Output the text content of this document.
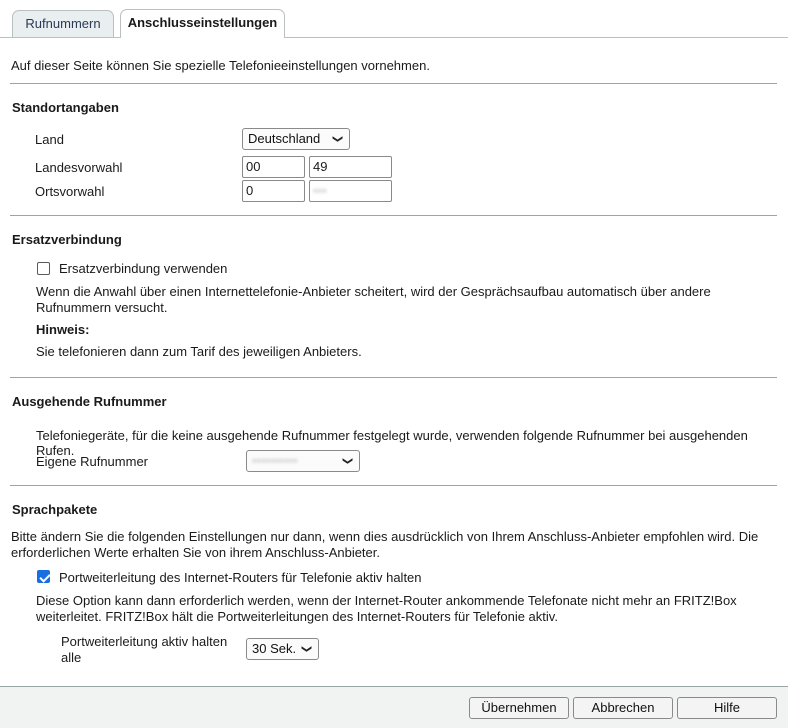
Rufnummern	Anschlusseinstellungen
Auf dieser Seite können Sie spezielle Telefonieeinstellungen vornehmen.
Standortangaben
Land	Deutschland	❯
Landesvorwahl	00	49
Ortsvorwahl	0	•••
Ersatzverbindung
Ersatzverbindung verwenden
Wenn die Anwahl über einen Internettelefonie-Anbieter scheitert, wird der Gesprächsaufbau automatisch über andere Rufnummern versucht.
Hinweis:
Sie telefonieren dann zum Tarif des jeweiligen Anbieters.
Ausgehende Rufnummer
Telefoniegeräte, für die keine ausgehende Rufnummer festgelegt wurde, verwenden folgende Rufnummer bei ausgehenden Rufen.
Eigene Rufnummer	••••••••••	❯
Sprachpakete
Bitte ändern Sie die folgenden Einstellungen nur dann, wenn dies ausdrücklich von Ihrem Anschluss-Anbieter empfohlen wird. Die erforderlichen Werte erhalten Sie von ihrem Anschluss-Anbieter.
Portweiterleitung des Internet-Routers für Telefonie aktiv halten
Diese Option kann dann erforderlich werden, wenn der Internet-Router ankommende Telefonate nicht mehr an FRITZ!Box weiterleitet. FRITZ!Box hält die Portweiterleitungen des Internet-Routers für Telefonie aktiv.
Portweiterleitung aktiv halten alle
30 Sek. ❯
Übernehmen	Abbrechen	Hilfe
